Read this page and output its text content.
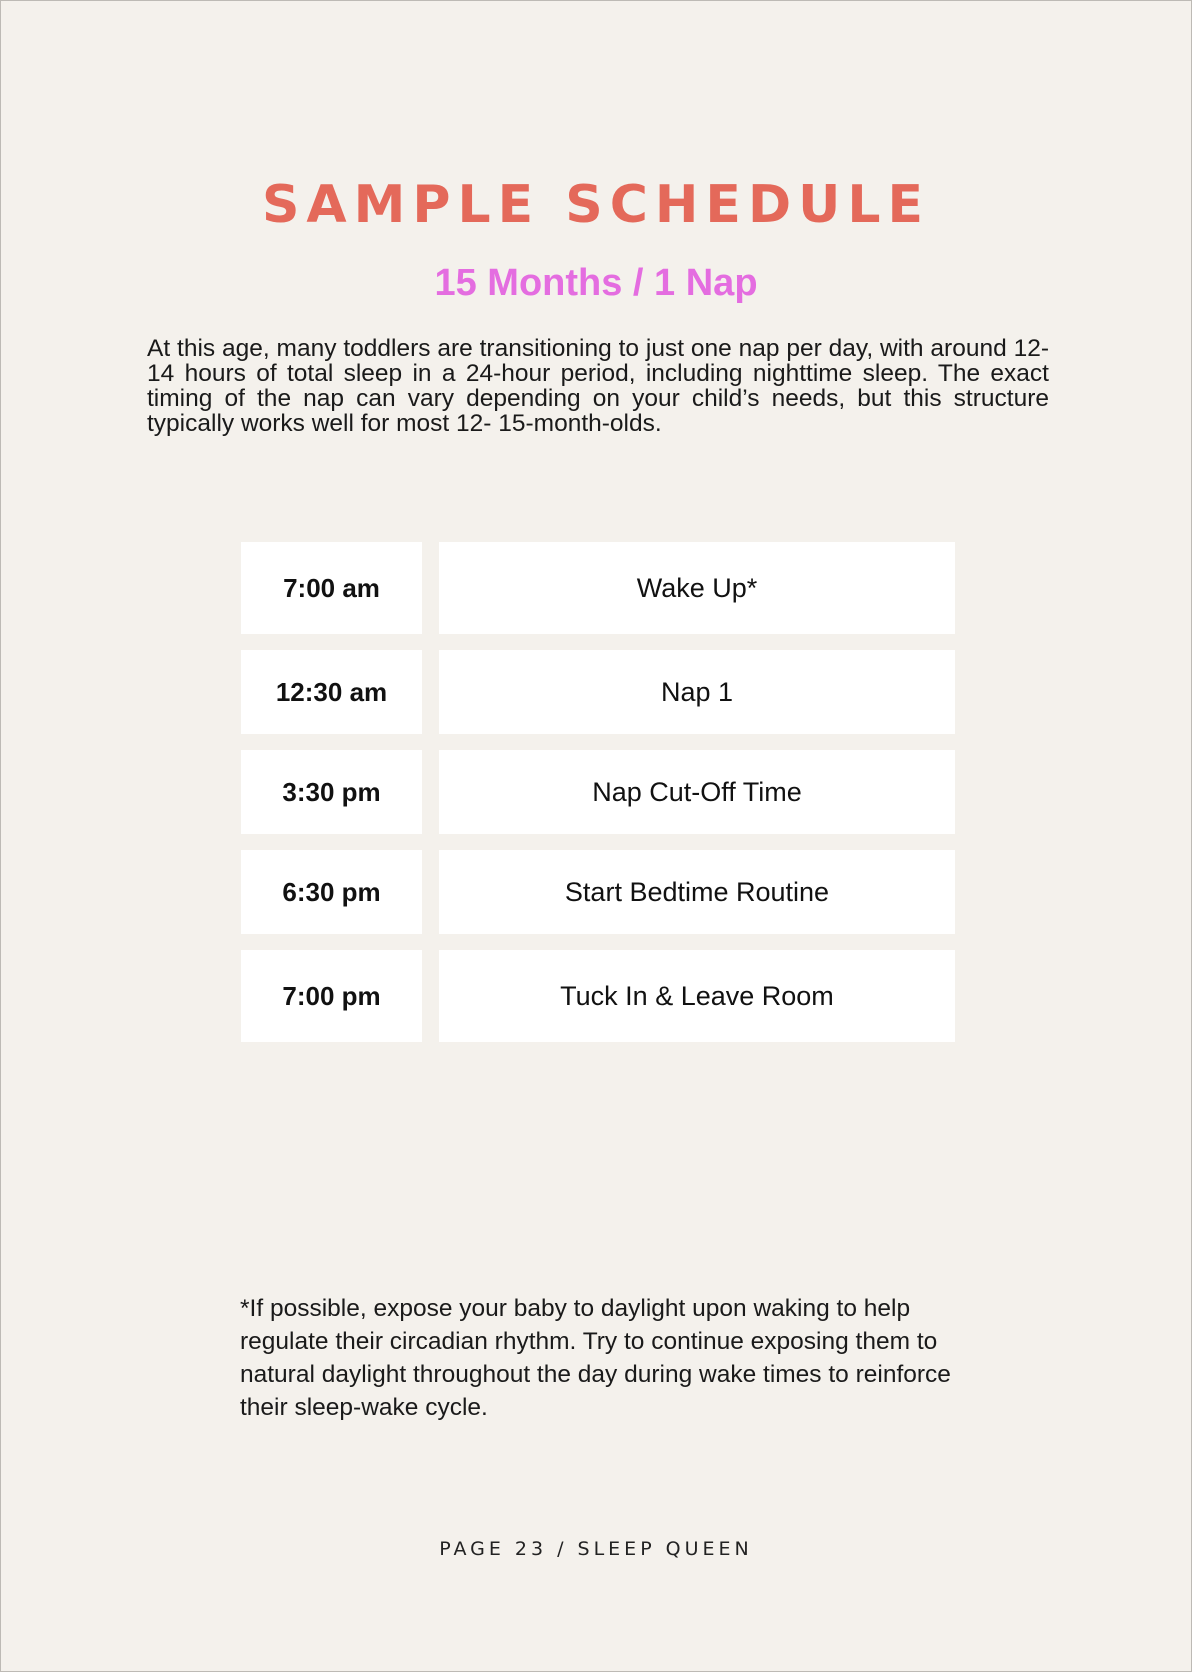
SAMPLE SCHEDULE
15 Months / 1 Nap

At this age, many toddlers are transitioning to just one nap per day, with around 12-14 hours of total sleep in a 24-hour period, including nighttime sleep. The exact timing of the nap can vary depending on your child’s needs, but this structure typically works well for most 12- 15-month-olds.

7:00 am	Wake Up*
12:30 am	Nap 1
3:30 pm	Nap Cut-Off Time
6:30 pm	Start Bedtime Routine
7:00 pm	Tuck In & Leave Room

*If possible, expose your baby to daylight upon waking to help regulate their circadian rhythm. Try to continue exposing them to natural daylight throughout the day during wake times to reinforce their sleep-wake cycle.

PAGE 23 / SLEEP QUEEN
